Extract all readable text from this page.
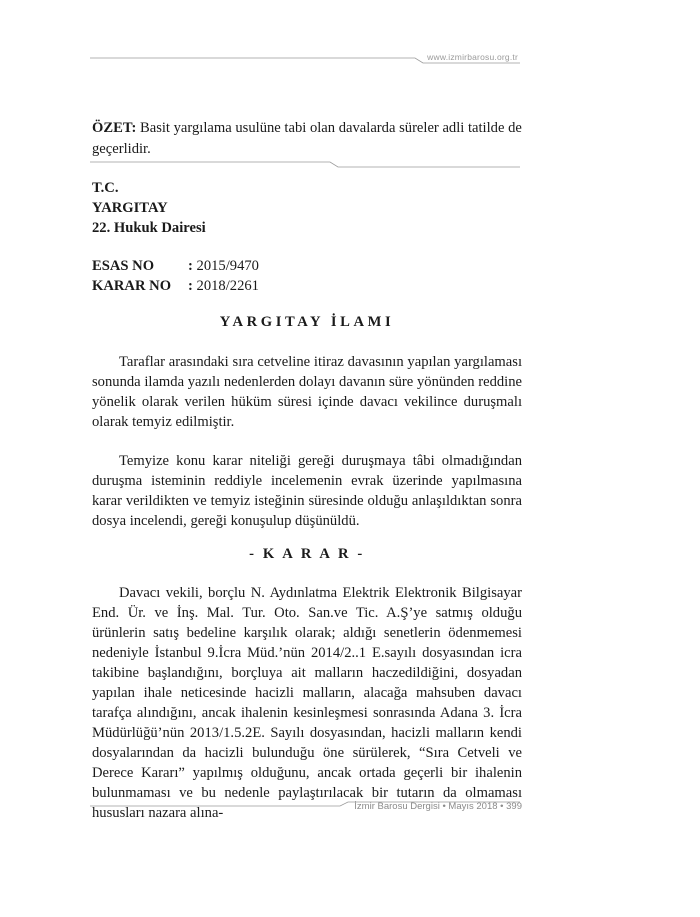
www.izmirbarosu.org.tr
ÖZET: Basit yargılama usulüne tabi olan davalarda süreler adli tatilde de geçerlidir.
T.C.
YARGITAY
22. Hukuk Dairesi
ESAS NO	: 2015/9470
KARAR NO	: 2018/2261
YARGITAY İLAMI

Taraflar arasındaki sıra cetveline itiraz davasının yapılan yargılaması sonunda ilamda yazılı nedenlerden dolayı davanın süre yönünden reddine yönelik olarak verilen hüküm süresi içinde davacı vekilince duruşmalı olarak temyiz edilmiştir.

Temyize konu karar niteliği gereği duruşmaya tâbi olmadığından duruşma isteminin reddiyle incelemenin evrak üzerinde yapılmasına karar verildikten ve temyiz isteğinin süresinde olduğu anlaşıldıktan sonra dosya incelendi, gereği konuşulup düşünüldü.

- K A R A R -

Davacı vekili, borçlu N. Aydınlatma Elektrik Elektronik Bilgisayar End. Ür. ve İnş. Mal. Tur. Oto. San.ve Tic. A.Ş’ye satmış olduğu ürünlerin satış bedeline karşılık olarak; aldığı senetlerin ödenmemesi nedeniyle İstanbul 9.İcra Müd.’nün 2014/2..1 E.sayılı dosyasından icra takibine başlandığını, borçluya ait malların haczedildiğini, dosyadan yapılan ihale neticesinde hacizli malların, alacağa mahsuben davacı tarafça alındığını, ancak ihalenin kesinleşmesi sonrasında Adana 3. İcra Müdürlüğü’nün 2013/1.5.2E. Sayılı dosyasından, hacizli malların kendi dosyalarından da hacizli bulunduğu öne sürülerek, “Sıra Cetveli ve Derece Kararı” yapılmış olduğunu, ancak ortada geçerli bir ihalenin bulunmaması ve bu nedenle paylaştırılacak bir tutarın da olmaması hususları nazara alına-	İzmir Barosu Dergisi • Mayıs 2018 • 399
